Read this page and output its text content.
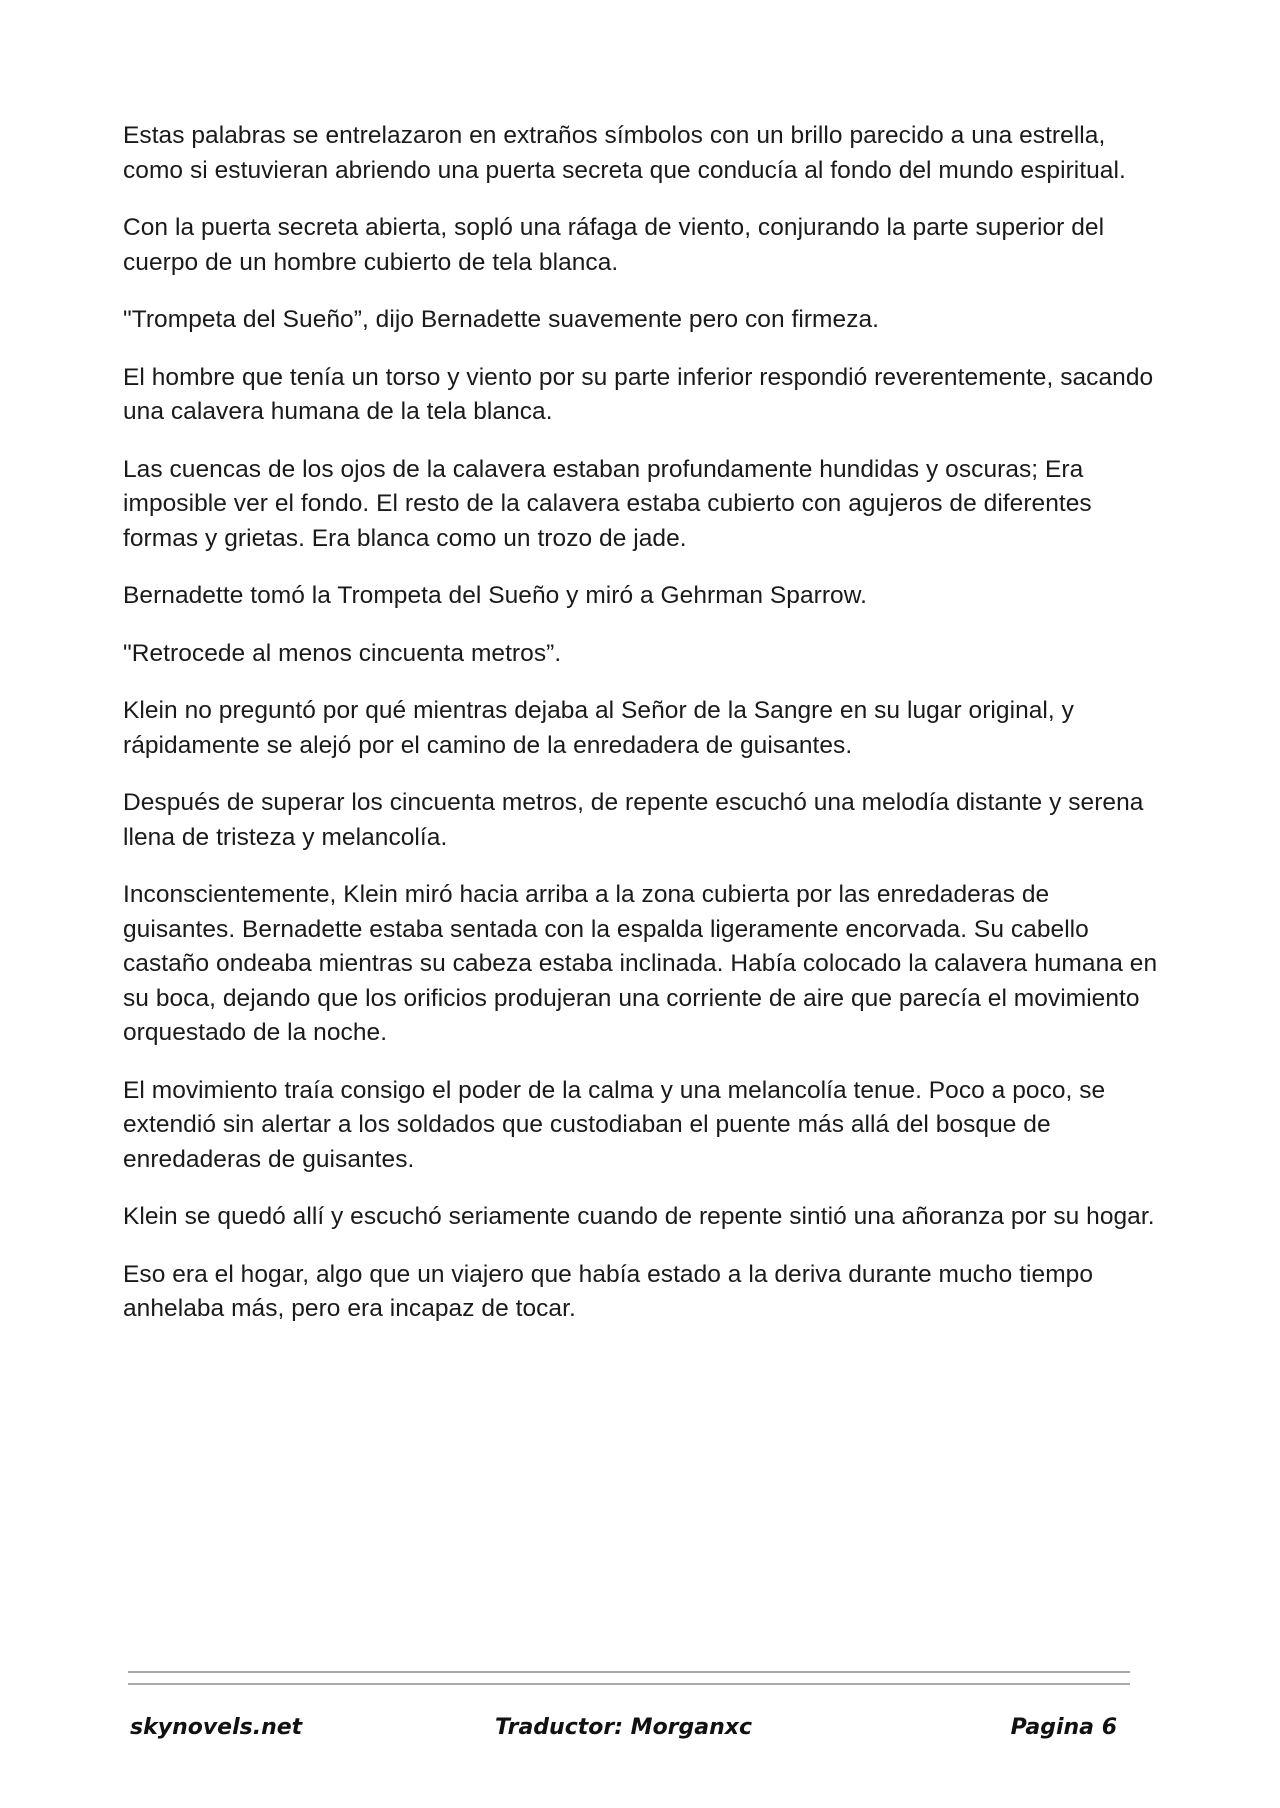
Estas palabras se entrelazaron en extraños símbolos con un brillo parecido a una estrella, como si estuvieran abriendo una puerta secreta que conducía al fondo del mundo espiritual.

Con la puerta secreta abierta, sopló una ráfaga de viento, conjurando la parte superior del cuerpo de un hombre cubierto de tela blanca.

"Trompeta del Sueño”, dijo Bernadette suavemente pero con firmeza.

El hombre que tenía un torso y viento por su parte inferior respondió reverentemente, sacando una calavera humana de la tela blanca.

Las cuencas de los ojos de la calavera estaban profundamente hundidas y oscuras; Era imposible ver el fondo. El resto de la calavera estaba cubierto con agujeros de diferentes formas y grietas. Era blanca como un trozo de jade.

Bernadette tomó la Trompeta del Sueño y miró a Gehrman Sparrow.

"Retrocede al menos cincuenta metros”.

Klein no preguntó por qué mientras dejaba al Señor de la Sangre en su lugar original, y rápidamente se alejó por el camino de la enredadera de guisantes.

Después de superar los cincuenta metros, de repente escuchó una melodía distante y serena llena de tristeza y melancolía.

Inconscientemente, Klein miró hacia arriba a la zona cubierta por las enredaderas de guisantes. Bernadette estaba sentada con la espalda ligeramente encorvada. Su cabello castaño ondeaba mientras su cabeza estaba inclinada. Había colocado la calavera humana en su boca, dejando que los orificios produjeran una corriente de aire que parecía el movimiento orquestado de la noche.

El movimiento traía consigo el poder de la calma y una melancolía tenue. Poco a poco, se extendió sin alertar a los soldados que custodiaban el puente más allá del bosque de enredaderas de guisantes.

Klein se quedó allí y escuchó seriamente cuando de repente sintió una añoranza por su hogar.

Eso era el hogar, algo que un viajero que había estado a la deriva durante mucho tiempo anhelaba más, pero era incapaz de tocar.

skynovels.net	Traductor: Morganxc	Pagina 6
